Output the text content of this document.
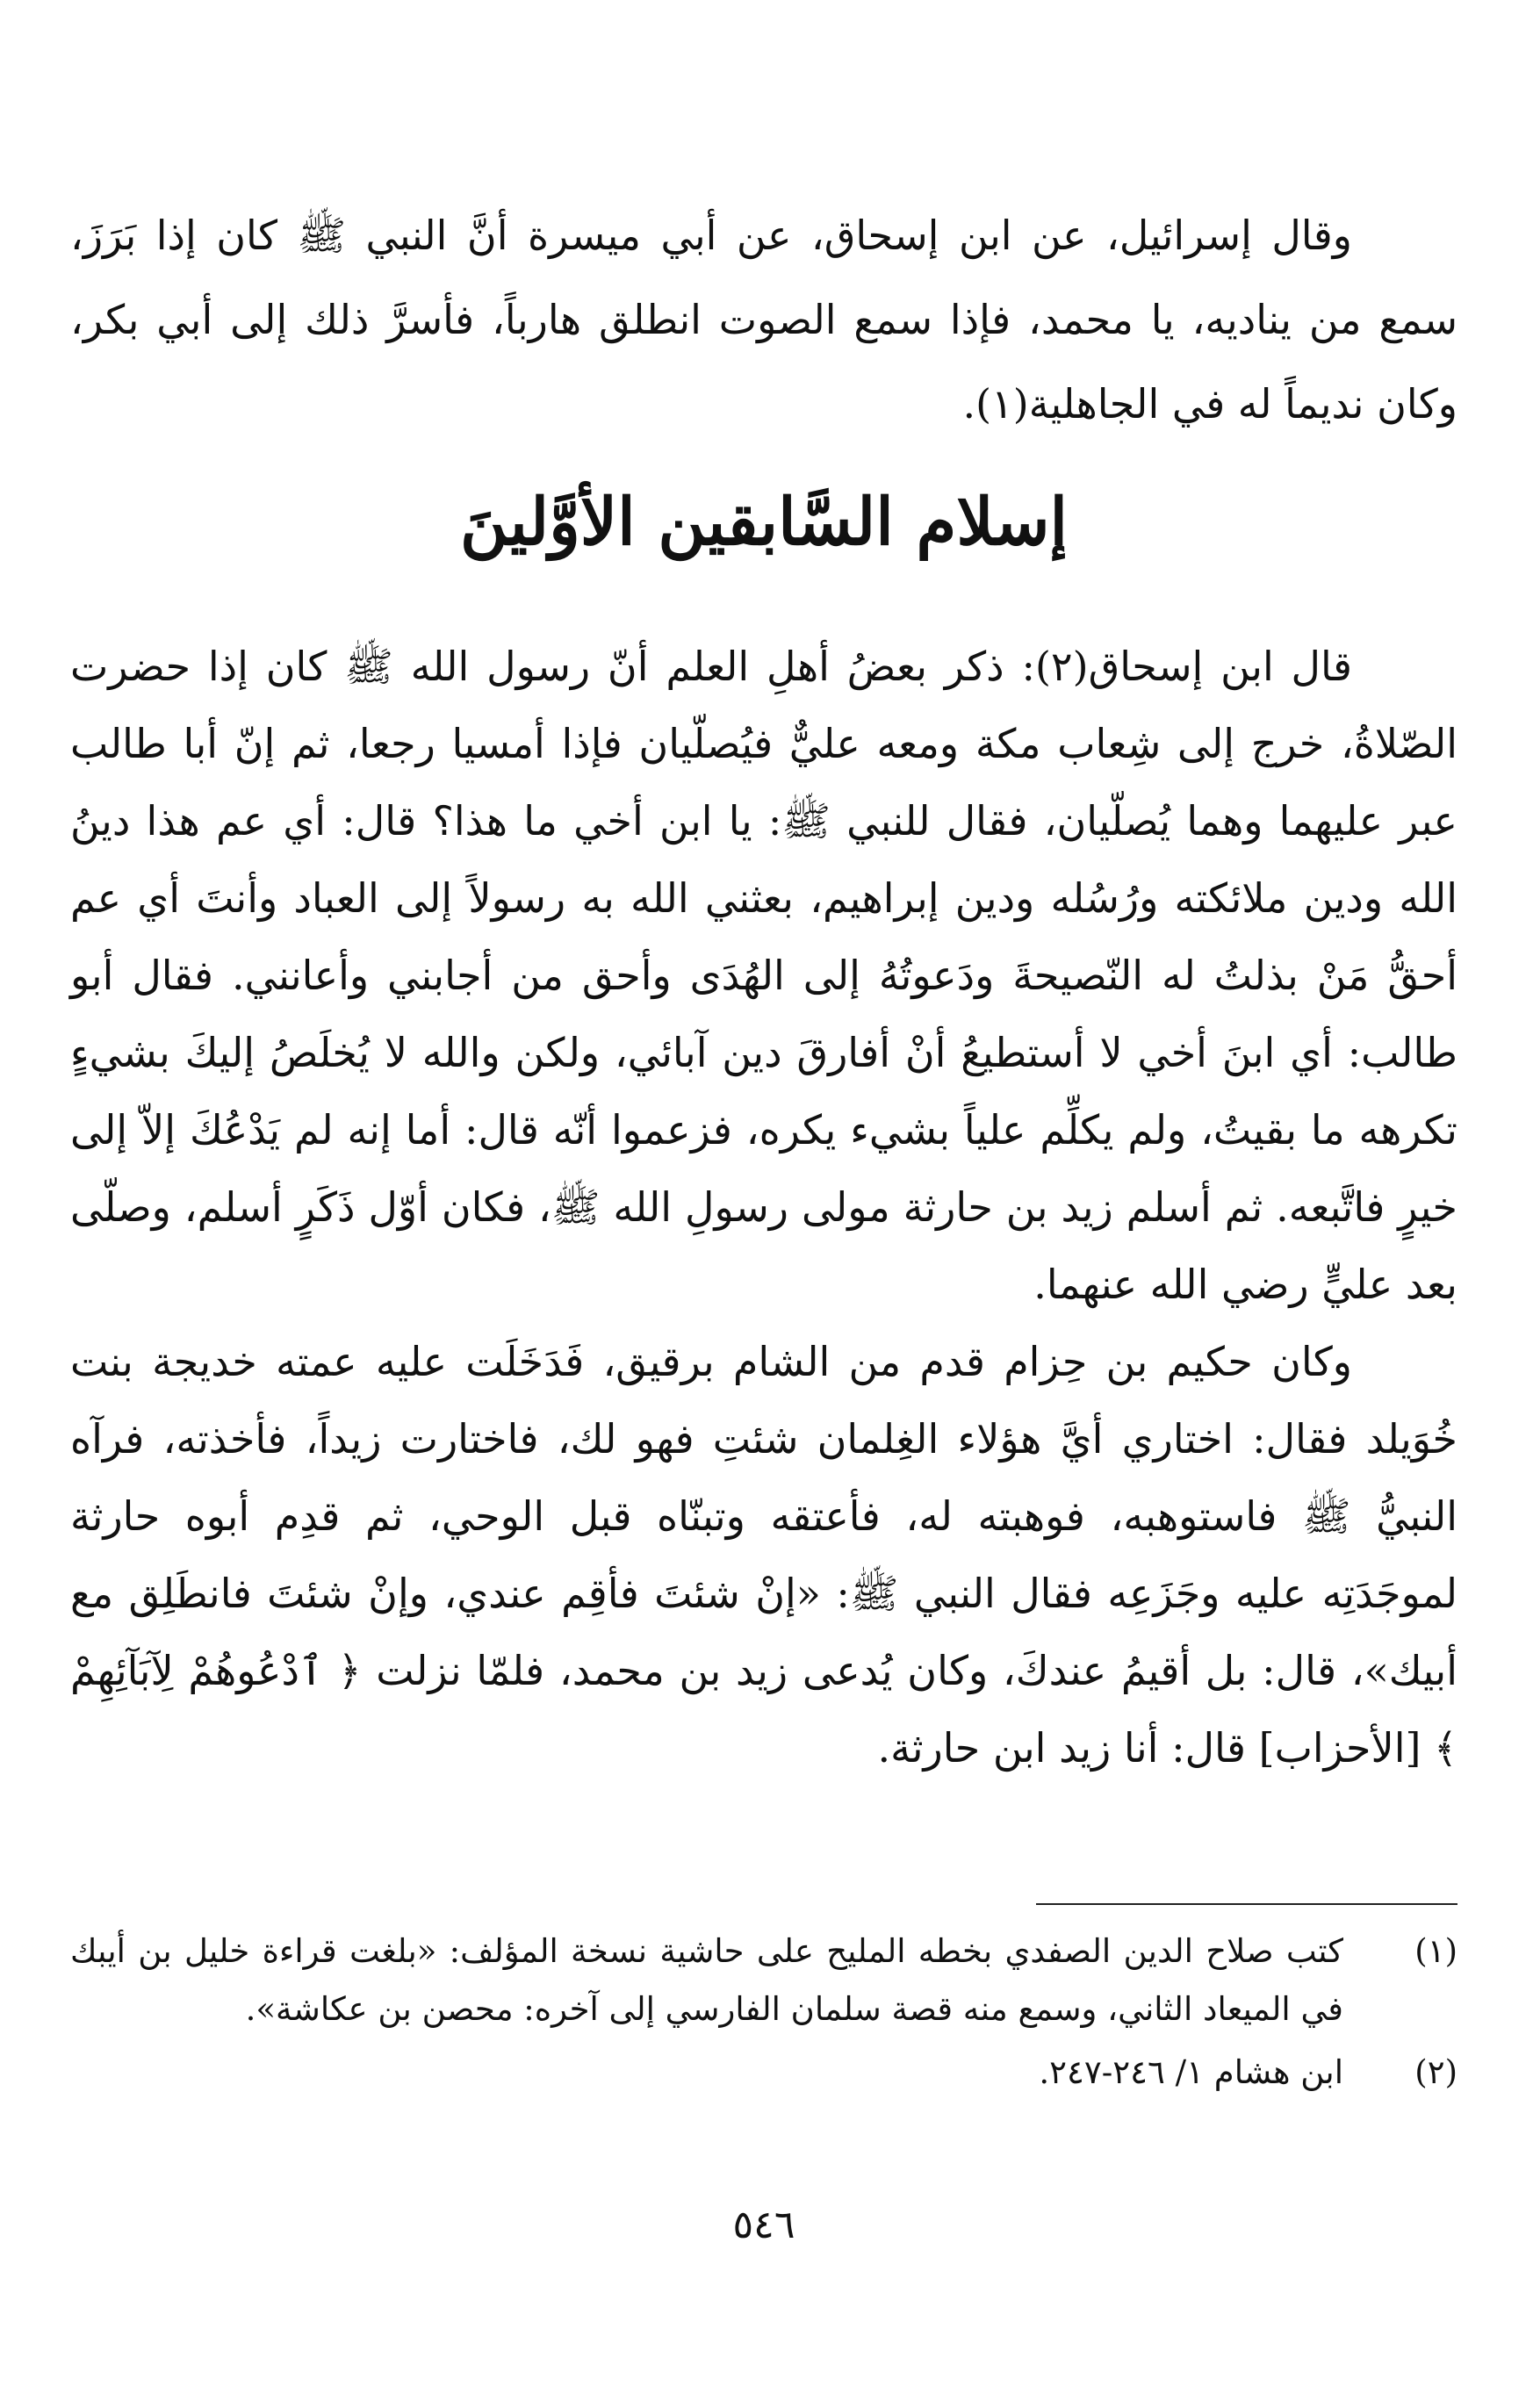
وقال إسرائيل، عن ابن إسحاق، عن أبي ميسرة أنَّ النبي ﷺ كان إذا بَرَزَ، سمع من يناديه، يا محمد، فإذا سمع الصوت انطلق هارباً، فأسرَّ ذلك إلى أبي بكر، وكان نديماً له في الجاهلية(١).

إسلام السَّابقين الأوَّلينَ

قال ابن إسحاق(٢): ذكر بعضُ أهلِ العلم أنّ رسول الله ﷺ كان إذا حضرت الصّلاةُ، خرج إلى شِعاب مكة ومعه عليٌّ فيُصلّيان فإذا أمسيا رجعا، ثم إنّ أبا طالب عبر عليهما وهما يُصلّيان، فقال للنبي ﷺ: يا ابن أخي ما هذا؟ قال: أي عم هذا دينُ الله ودين ملائكته ورُسُله ودين إبراهيم، بعثني الله به رسولاً إلى العباد وأنتَ أي عم أحقُّ مَنْ بذلتُ له النّصيحةَ ودَعوتُهُ إلى الهُدَى وأحق من أجابني وأعانني. فقال أبو طالب: أي ابنَ أخي لا أستطيعُ أنْ أفارقَ دين آبائي، ولكن والله لا يُخلَصُ إليكَ بشيءٍ تكرهه ما بقيتُ، ولم يكلِّم علياً بشيء يكره، فزعموا أنّه قال: أما إنه لم يَدْعُكَ إلاّ إلى خيرٍ فاتَّبعه. ثم أسلم زيد بن حارثة مولى رسولِ الله ﷺ، فكان أوّل ذَكَرٍ أسلم، وصلّى بعد عليٍّ رضي الله عنهما.

وكان حكيم بن حِزام قدم من الشام برقيق، فَدَخَلَت عليه عمته خديجة بنت خُوَيلد فقال: اختاري أيَّ هؤلاء الغِلمان شئتِ فهو لك، فاختارت زيداً، فأخذته، فرآه النبيُّ ﷺ فاستوهبه، فوهبته له، فأعتقه وتبنّاه قبل الوحي، ثم قدِم أبوه حارثة لموجَدَتِه عليه وجَزَعِه فقال النبي ﷺ: «إنْ شئتَ فأقِم عندي، وإنْ شئتَ فانطَلِق مع أبيك»، قال: بل أقيمُ عندكَ، وكان يُدعى زيد بن محمد، فلمّا نزلت ﴿ ٱدْعُوهُمْ لِآبَآئِهِمْ ﴾ [الأحزاب] قال: أنا زيد ابن حارثة.

(١)
كتب صلاح الدين الصفدي بخطه المليح على حاشية نسخة المؤلف: «بلغت قراءة خليل بن أيبك في الميعاد الثاني، وسمع منه قصة سلمان الفارسي إلى آخره: محصن بن عكاشة».
(٢)
ابن هشام ١/ ٢٤٦-٢٤٧.
٥٤٦
